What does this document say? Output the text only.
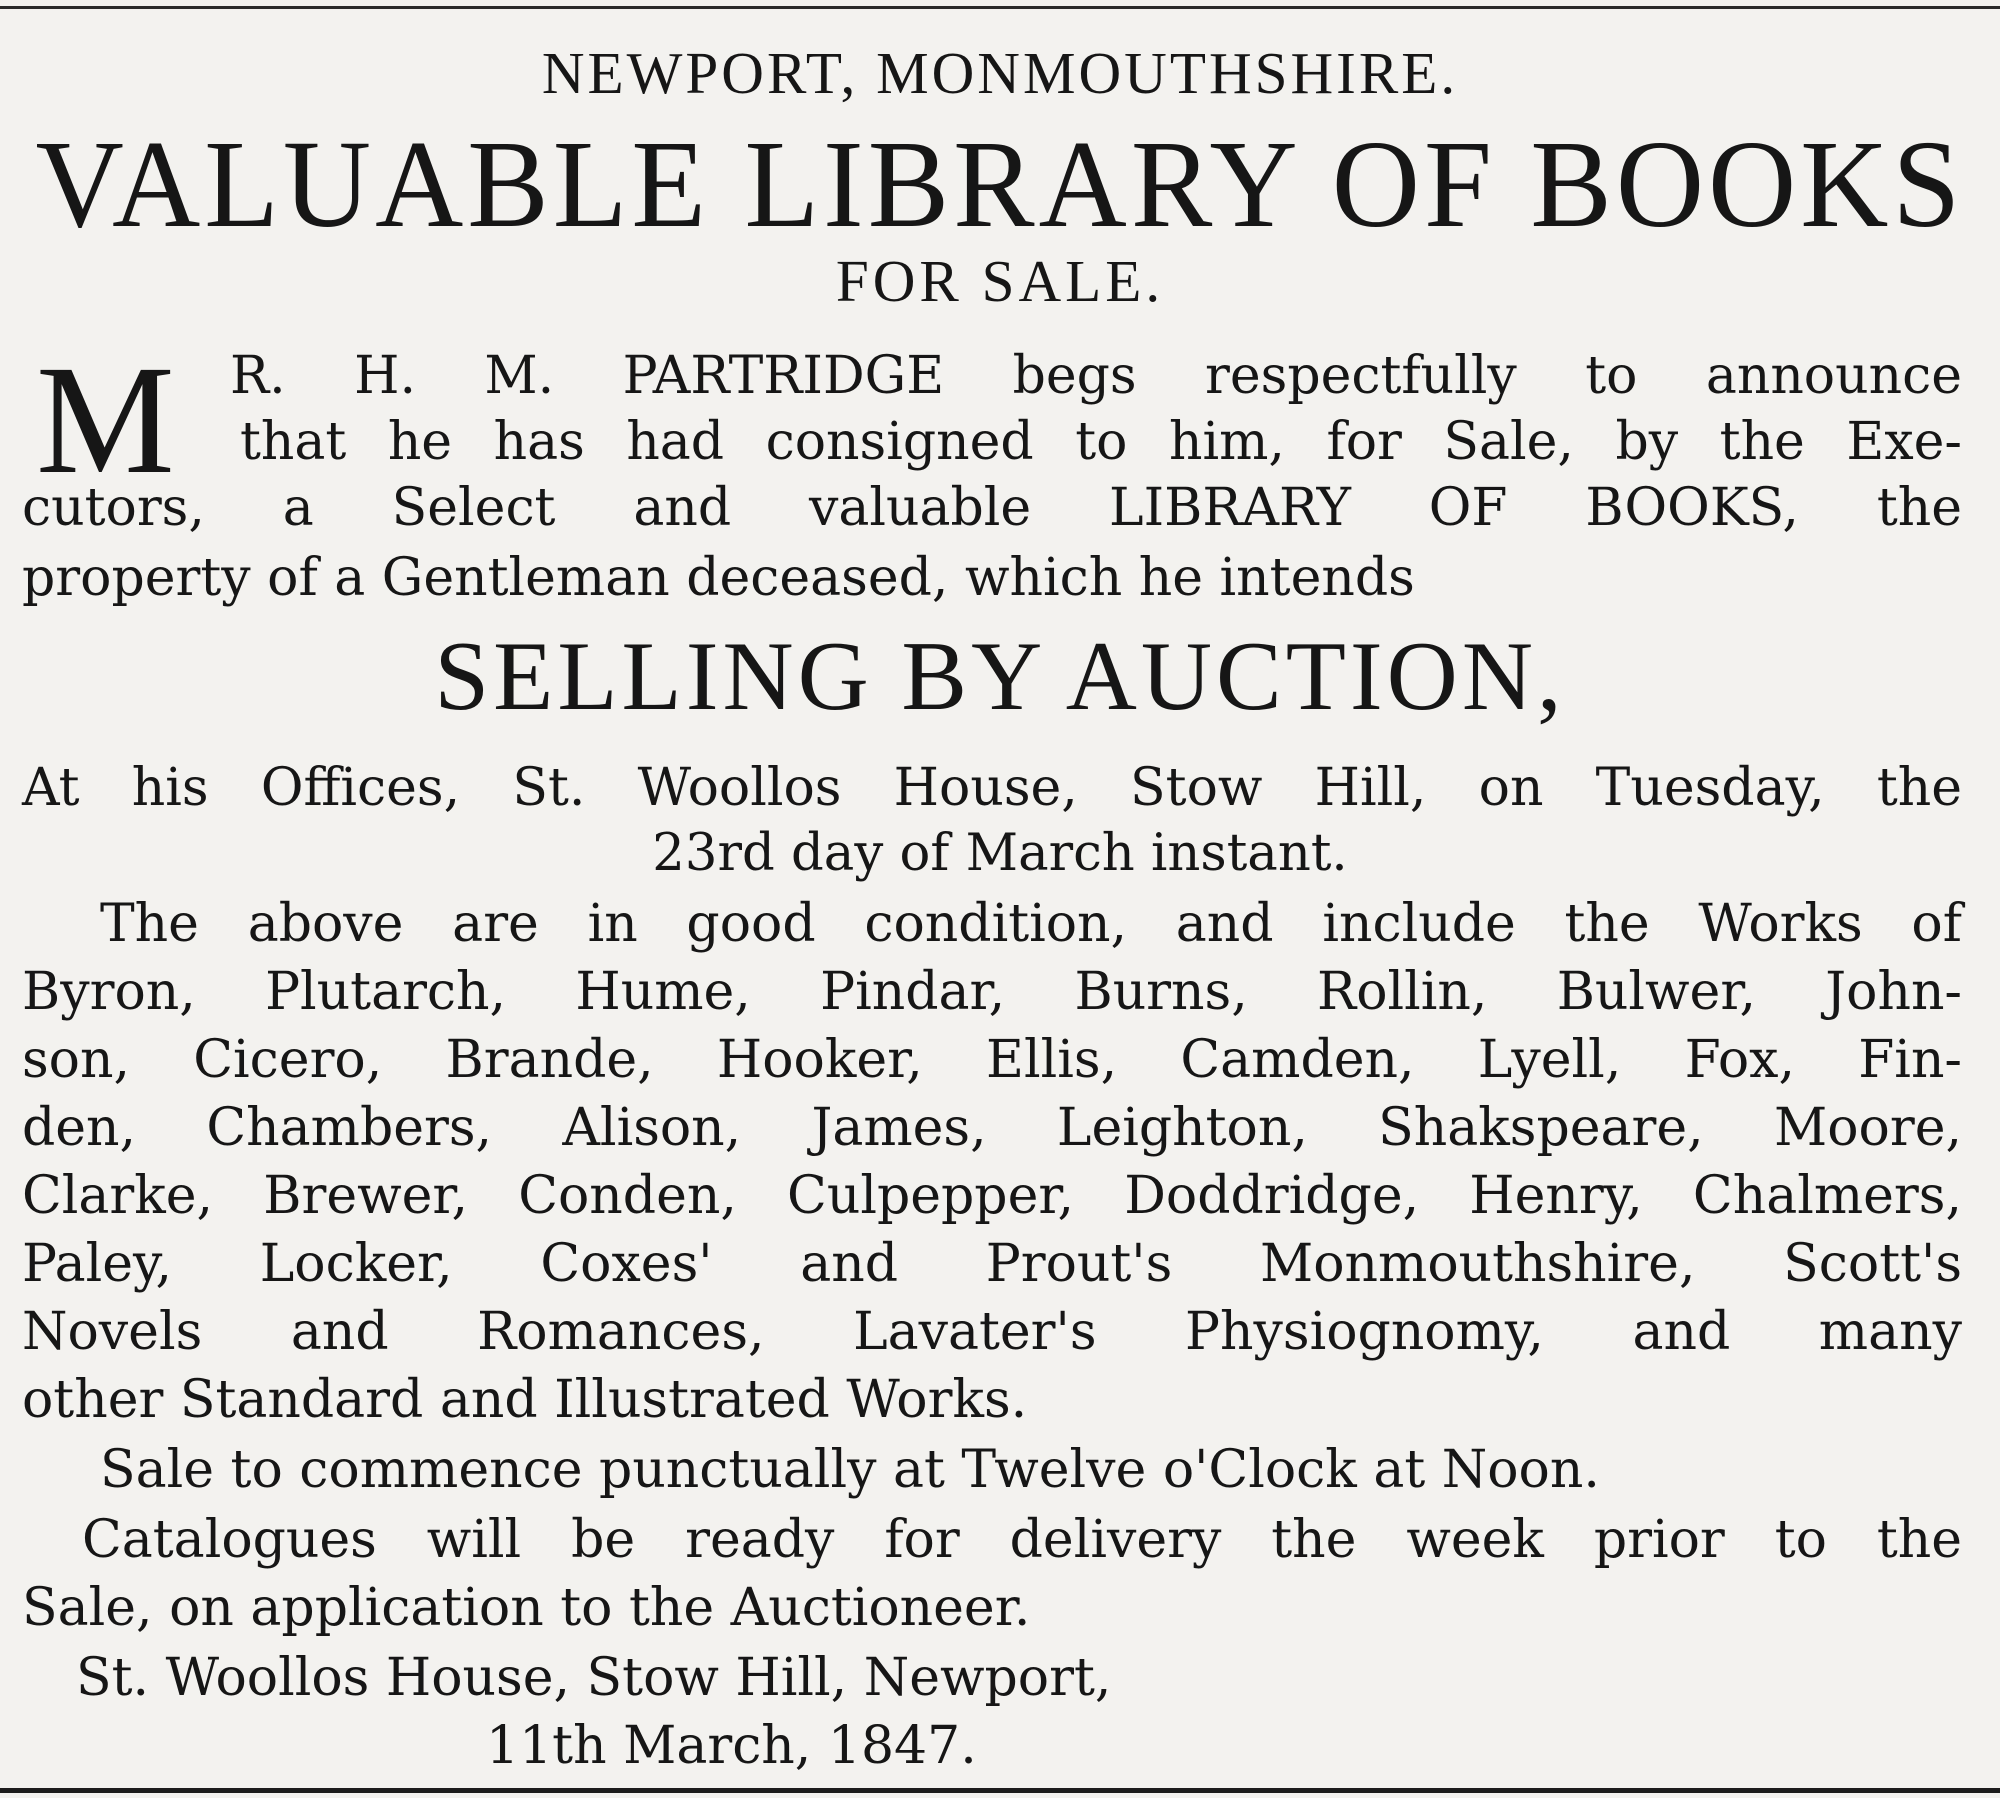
NEWPORT, MONMOUTHSHIRE.
VALUABLE LIBRARY OF BOOKS
FOR SALE.
M R. H. M. PARTRIDGE begs respectfully to announce
that he has had consigned to him, for Sale, by the Exe-
cutors, a Select and valuable LIBRARY OF BOOKS, the
property of a Gentleman deceased, which he intends
SELLING BY AUCTION,
At his Offices, St. Woollos House, Stow Hill, on Tuesday, the
23rd day of March instant.
The above are in good condition, and include the Works of
Byron, Plutarch, Hume, Pindar, Burns, Rollin, Bulwer, John-
son, Cicero, Brande, Hooker, Ellis, Camden, Lyell, Fox, Fin-
den, Chambers, Alison, James, Leighton, Shakspeare, Moore,
Clarke, Brewer, Conden, Culpepper, Doddridge, Henry, Chalmers,
Paley, Locker, Coxes' and Prout's Monmouthshire, Scott's
Novels and Romances, Lavater's Physiognomy, and many
other Standard and Illustrated Works.
Sale to commence punctually at Twelve o'Clock at Noon.
Catalogues will be ready for delivery the week prior to the
Sale, on application to the Auctioneer.
St. Woollos House, Stow Hill, Newport,
11th March, 1847.
